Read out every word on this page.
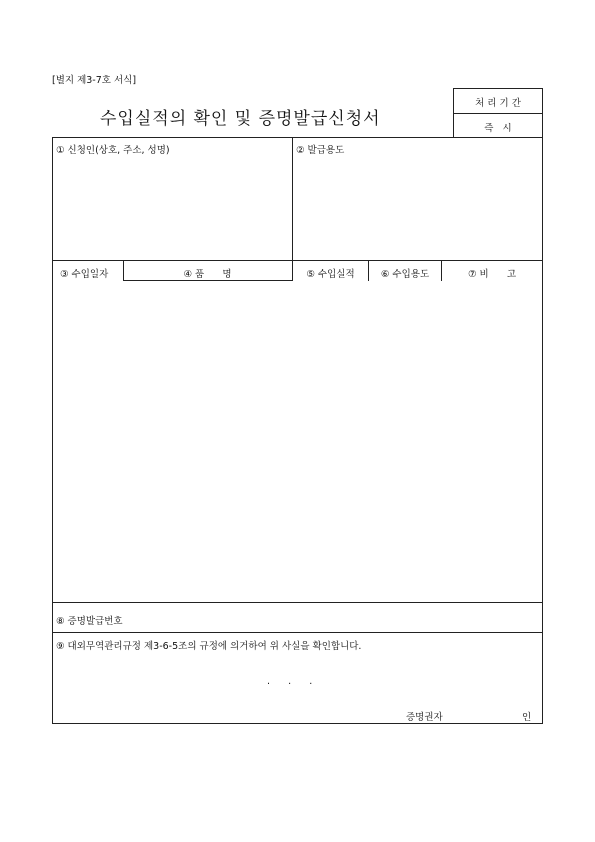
[별지 제3-7호 서식]
수입실적의 확인 및 증명발급신청서
처 리 기 간
즉   시
① 신청인(상호, 주소, 성명)	② 발급용도
③ 수입일자	④ 품      명	⑤ 수입실적	⑥ 수입용도	⑦ 비      고
⑧ 증명발급번호
⑨ 대외무역관리규정 제3-6-5조의 규정에 의거하여 위 사실을 확인합니다.
.      .      .
증명권자	인
